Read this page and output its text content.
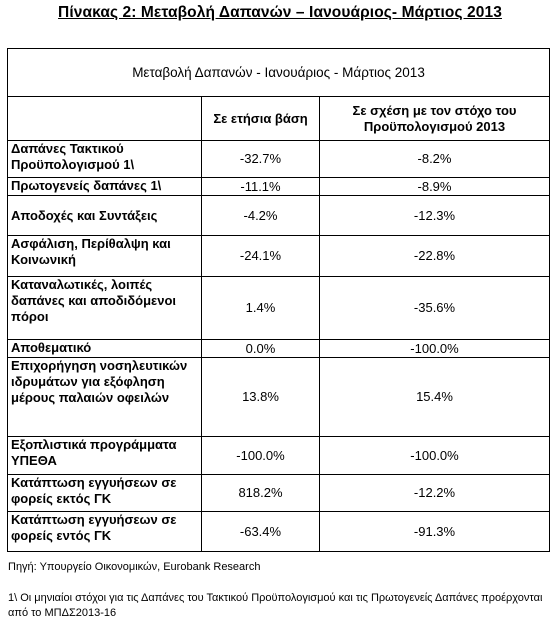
Πίνακας 2: Μεταβολή Δαπανών – Ιανουάριος- Μάρτιος 2013
Μεταβολή Δαπανών - Ιανουάριος - Μάρτιος 2013		
	Σε ετήσια βάση	Σε σχέση με τον στόχο του Προϋπολογισμού 2013
Δαπάνες Τακτικού Προϋπολογισμού 1\	-32.7%	-8.2%
Πρωτογενείς δαπάνες 1\	-11.1%	-8.9%
Αποδοχές και Συντάξεις	-4.2%	-12.3%
Ασφάλιση, Περίθαλψη και Κοινωνική	-24.1%	-22.8%
Καταναλωτικές, λοιπές δαπάνες και αποδιδόμενοι πόροι	1.4%	-35.6%
Αποθεματικό	0.0%	-100.0%
Επιχορήγηση νοσηλευτικών ιδρυμάτων για εξόφληση μέρους παλαιών οφειλών	13.8%	15.4%
Εξοπλιστικά προγράμματα ΥΠΕΘΑ	-100.0%	-100.0%
Κατάπτωση εγγυήσεων σε φορείς εκτός ΓΚ	818.2%	-12.2%
Κατάπτωση εγγυήσεων σε φορείς εντός ΓΚ	-63.4%	-91.3%
Πηγή: Υπουργείο Οικονομικών, Eurobank Research
1\ Οι μηνιαίοι στόχοι για τις Δαπάνες του Τακτικού Προϋπολογισμού και τις Πρωτογενείς Δαπάνες προέρχονται από το ΜΠΔΣ2013-16
